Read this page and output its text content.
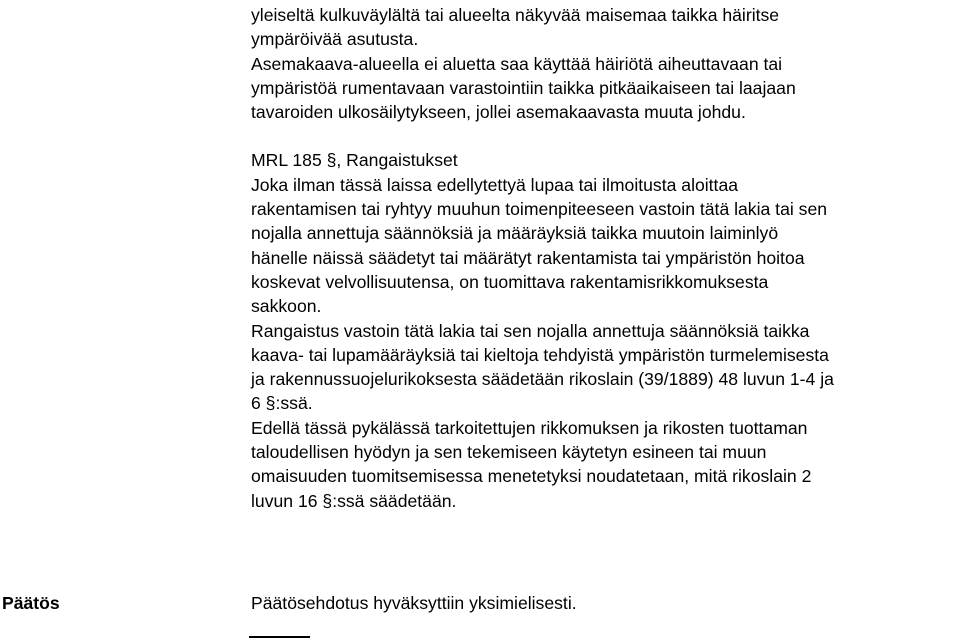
yleiseltä kulkuväylältä tai alueelta näkyvää maisemaa taikka häiritse
ympäröivää asutusta.

Asemakaava-alueella ei aluetta saa käyttää häiriötä aiheuttavaan tai
ympäristöä rumentavaan varastointiin taikka pitkäaikaiseen tai laajaan
tavaroiden ulkosäilytykseen, jollei asemakaavasta muuta johdu.

MRL 185 §, Rangaistukset

Joka ilman tässä laissa edellytettyä lupaa tai ilmoitusta aloittaa
rakentamisen tai ryhtyy muuhun toimenpiteeseen vastoin tätä lakia tai sen
nojalla annettuja säännöksiä ja määräyksiä taikka muutoin laiminlyö
hänelle näissä säädetyt tai määrätyt rakentamista tai ympäristön hoitoa
koskevat velvollisuutensa, on tuomittava rakentamisrikkomuksesta
sakkoon.

Rangaistus vastoin tätä lakia tai sen nojalla annettuja säännöksiä taikka
kaava- tai lupamääräyksiä tai kieltoja tehdyistä ympäristön turmelemisesta
ja rakennussuojelurikoksesta säädetään rikoslain (39/1889) 48 luvun 1-4 ja
6 §:ssä.

Edellä tässä pykälässä tarkoitettujen rikkomuksen ja rikosten tuottaman
taloudellisen hyödyn ja sen tekemiseen käytetyn esineen tai muun
omaisuuden tuomitsemisessa menetetyksi noudatetaan, mitä rikoslain 2
luvun 16 §:ssä säädetään.

Päätös	Päätösehdotus hyväksyttiin yksimielisesti.
